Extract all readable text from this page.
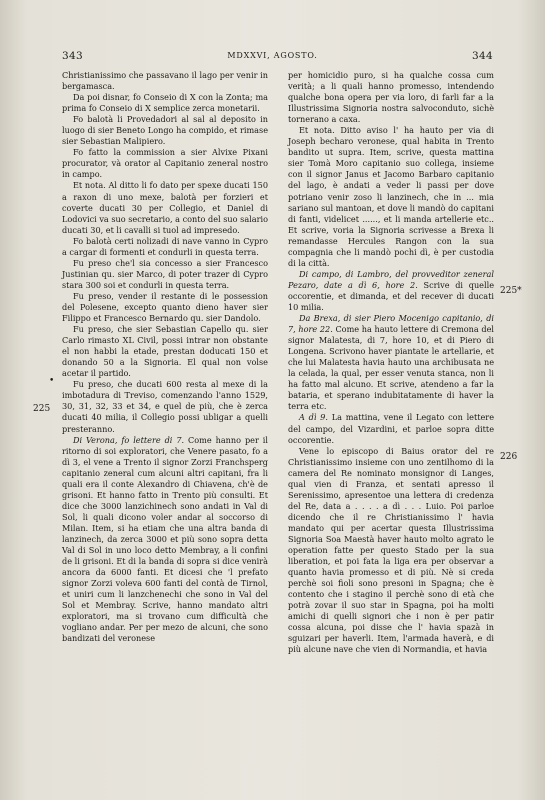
343	MDXXVI, AGOSTO.	344

Christianissimo che passavano il lago per venir in bergamasca.

Da poi disnar, fo Conseio di X con la Zonta; ma prima fo Conseio di X semplice zerca monetarii.

Fo balotà li Provedadori al sal al deposito in luogo di sier Beneto Longo ha compido, et rimase sier Sebastian Malipiero.

Fo fatto la commission a sier Alvixe Pixani procurator, và orator al Capitanio zeneral nostro in campo.

Et nota. Al ditto li fo dato per spexe ducati 150 a raxon di uno mexe, balotà per forzieri et coverte ducati 30 per Collegio, et Daniel di Lodovici va suo secretario, a conto del suo salario ducati 30, et li cavalli si tuol ad impresedo.

Fo balotà certi nolizadi di nave vanno in Cypro a cargar di formenti et condurli in questa terra.

Fu preso che'l sia concesso a sier Francesco Justinian qu. sier Marco, di poter trazer di Cypro stara 300 soi et condurli in questa terra.

Fu preso, vender il restante di le possession del Polesene, excepto quanto dieno haver sier Filippo et Francesco Bernardo qu. sier Dandolo.

Fu preso, che sier Sebastian Capello qu. sier Carlo rimasto XL Civil, possi intrar non obstante el non habbi la etade, prestan doducati 150 et donando 50 a la Signoria. El qual non volse acetar il partido.

Fu preso, che ducati 600 resta al mexe di la imbotadura di Treviso, comenzando l'anno 1529, 30, 31, 32, 33 et 34, e quel de più, che è zerca ducati 40 milia, il Collegio possi ubligar a quelli presteranno.

Di Verona, fo lettere di 7. Come hanno per il ritorno di soi exploratori, che Venere pasato, fo a dì 3, el vene a Trento il signor Zorzi Franchsperg capitanio zeneral cum alcuni altri capitani, fra li quali era il conte Alexandro di Chiavena, ch'è de grisoni. Et hanno fatto in Trento più consulti. Et dice che 3000 lanzichinech sono andati in Val di Sol, li quali dicono voler andar al soccorso di Milan. Item, si ha etiam che una altra banda di lanzinech, da zerca 3000 et più sono sopra detta Val di Sol in uno loco detto Membray, a li confini de li grisoni. Et di la banda di sopra si dice venirà ancora da 6000 fanti. Et dicesi che 'l prefato signor Zorzi voleva 600 fanti del contà de Tirnol, et uniri cum li lanzchenechi che sono in Val del Sol et Membray. Scrive, hanno mandato altri exploratori, ma si trovano cum difficultà che vogliano andar. Per per mezo de alcuni, che sono bandizati del veronese

per homicidio puro, si ha qualche cossa cum verità; a li quali hanno promesso, intendendo qualche bona opera per via loro, di farli far a la Illustrissima Signoria nostra salvoconduto, sichè tornerano a caxa.

Et nota. Ditto aviso l' ha hauto per via di Joseph becharo veronese, qual habita in Trento bandito ut supra. Item, scrive, questa mattina sier Tomà Moro capitanio suo collega, insieme con il signor Janus et Jacomo Barbaro capitanio del lago, è andati a veder li passi per dove potriano venir zoso li lanzinech, che in ... mia sariano sul mantoan, et dove li mandò do capitani di fanti, videlicet ......, et li manda artellerie etc.. Et scrive, voria la Signoria scrivesse a Brexa li remandasse Hercules Rangon con la sua compagnia che li mandò pochi dì, è per custodia di la città.

Di campo, di Lambro, del provveditor zeneral Pezaro, date a dì 6, hore 2. Scrive di quelle occorentie, et dimanda, et del recever di ducati 10 milia.

Da Brexa, di sier Piero Mocenigo capitanio, di 7, hore 22. Come ha hauto lettere di Cremona del signor Malatesta, di 7, hore 10, et di Piero di Longena. Scrivono haver piantate le artellarie, et che lui Malatesta havia hauto una archibusata ne la celada, la qual, per esser venuta stanca, non li ha fatto mal alcuno. Et scrive, atendeno a far la bataria, et sperano indubitatamente di haver la terra etc.

A dì 9. La mattina, vene il Legato con lettere del campo, del Vizardini, et parloe sopra ditte occorentie.

Vene lo episcopo di Baius orator del re Christianissimo insieme con uno zentilhomo di la camera del Re nominato monsignor di Langes, qual vien di Franza, et sentati apresso il Serenissimo, apresentoe una lettera di credenza del Re, data a . . . . a dì . . . Luio. Poi parloe dicendo che il re Christianissimo l' havia mandato qui per acertar questa Illustrissima Signoria Soa Maestà haver hauto molto agrato le operation fatte per questo Stado per la sua liberation, et poi fata la liga era per observar a quanto havia promesso et di più. Nè si creda perchè soi fioli sono presoni in Spagna; che è contento che i stagino il perchè sono di età che potrà zovar il suo star in Spagna, poi ha molti amichi di quelli signori che i non è per patir cossa alcuna, poi disse che l' havia spazà in sguizari per haverli. Item, l'armada haverà, e di più alcune nave che vien di Normandia, et havia

225
•
225*
226
